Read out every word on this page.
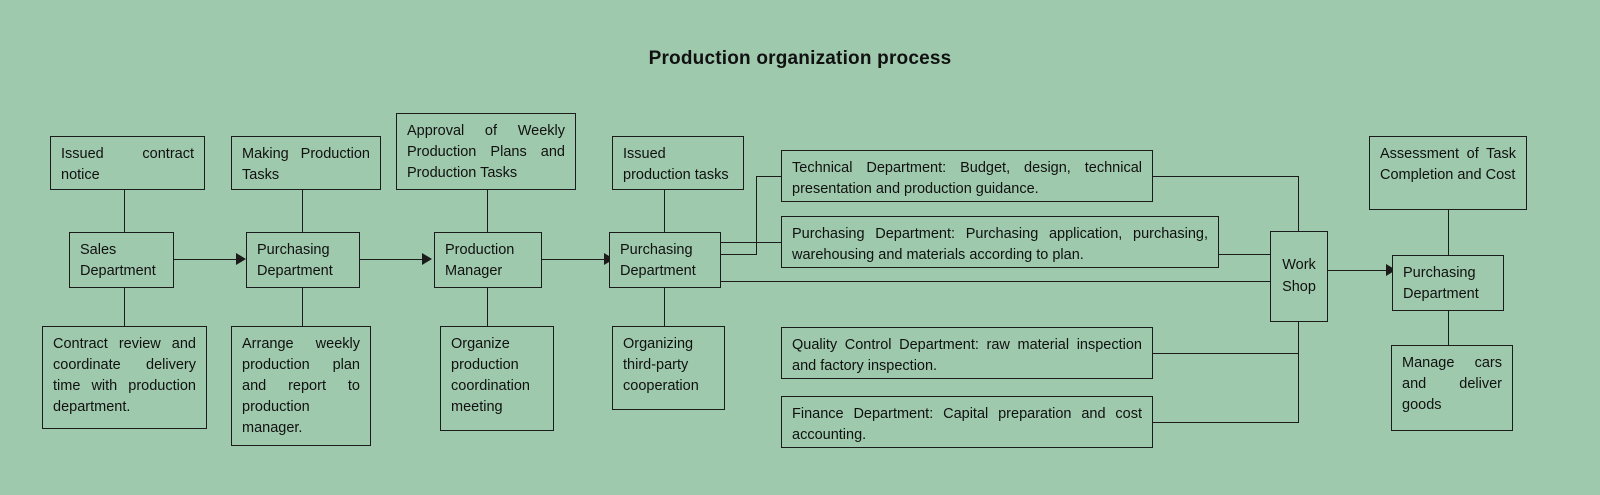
Production organization process
Issued contract notice
Sales Department
Contract review and coordinate delivery time with production department.
Making Production Tasks
Purchasing Department
Arrange weekly production plan and report to production manager.
Approval of Weekly Production Plans and Production Tasks
Production Manager
Organize production coordination meeting
Issued production tasks
Purchasing Department
Organizing third-party cooperation
Technical Department: Budget, design, technical presentation and production guidance.
Purchasing Department: Purchasing application, purchasing, warehousing and materials according to plan.
Quality Control Department: raw material inspection and factory inspection.
Finance Department: Capital preparation and cost accounting.
Work Shop
Assessment of Task Completion and Cost
Purchasing Department
Manage cars and deliver goods
